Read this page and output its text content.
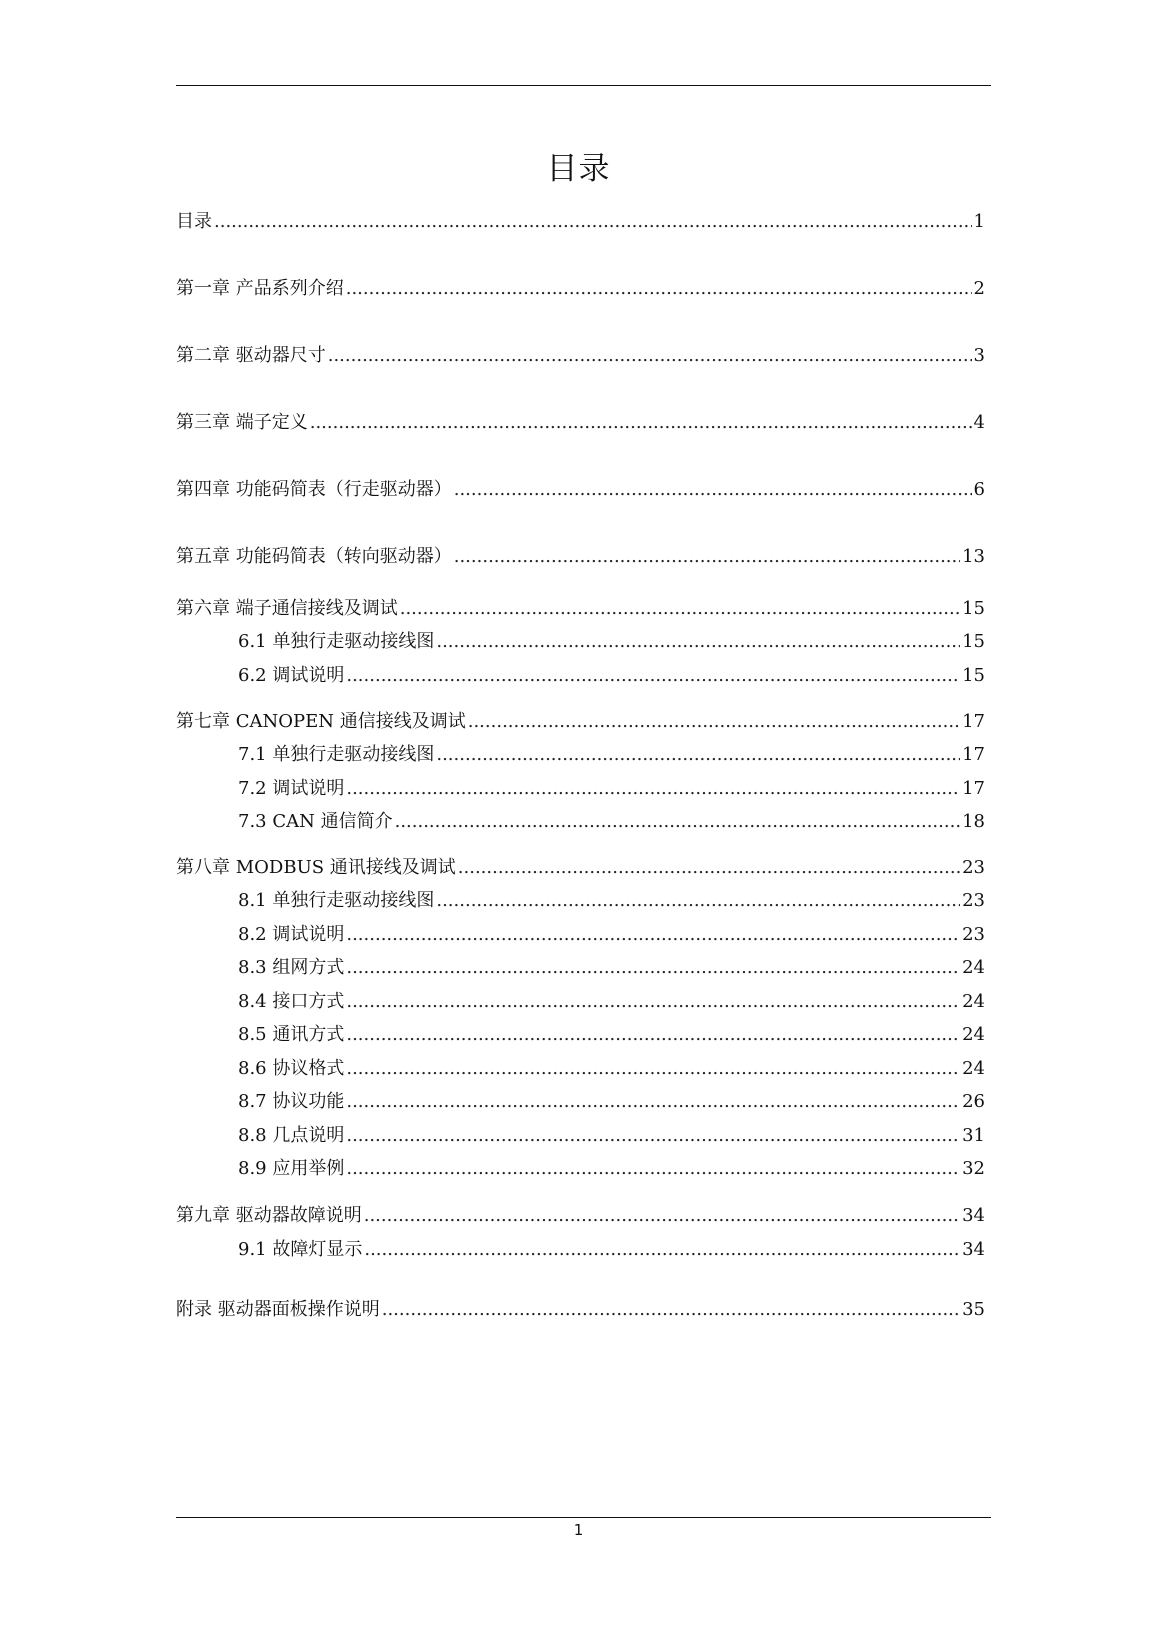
目录
目录 .....	1
第一章 产品系列介绍 .....	2
第二章 驱动器尺寸 .....	3
第三章 端子定义 .....	4
第四章 功能码简表（行走驱动器） .....	6
第五章 功能码简表（转向驱动器） .....	13
第六章 端子通信接线及调试 .....	15
6.1 单独行走驱动接线图 .....	15
6.2 调试说明 .....	15
第七章 CANOPEN 通信接线及调试 .....	17
7.1 单独行走驱动接线图 .....	17
7.2 调试说明 .....	17
7.3 CAN 通信简介 .....	18
第八章 MODBUS 通讯接线及调试 .....	23
8.1 单独行走驱动接线图 .....	23
8.2 调试说明 .....	23
8.3 组网方式 .....	24
8.4 接口方式 .....	24
8.5 通讯方式 .....	24
8.6 协议格式 .....	24
8.7 协议功能 .....	26
8.8 几点说明 .....	31
8.9 应用举例 .....	32
第九章 驱动器故障说明 .....	34
9.1 故障灯显示 .....	34
附录 驱动器面板操作说明 .....	35
1
